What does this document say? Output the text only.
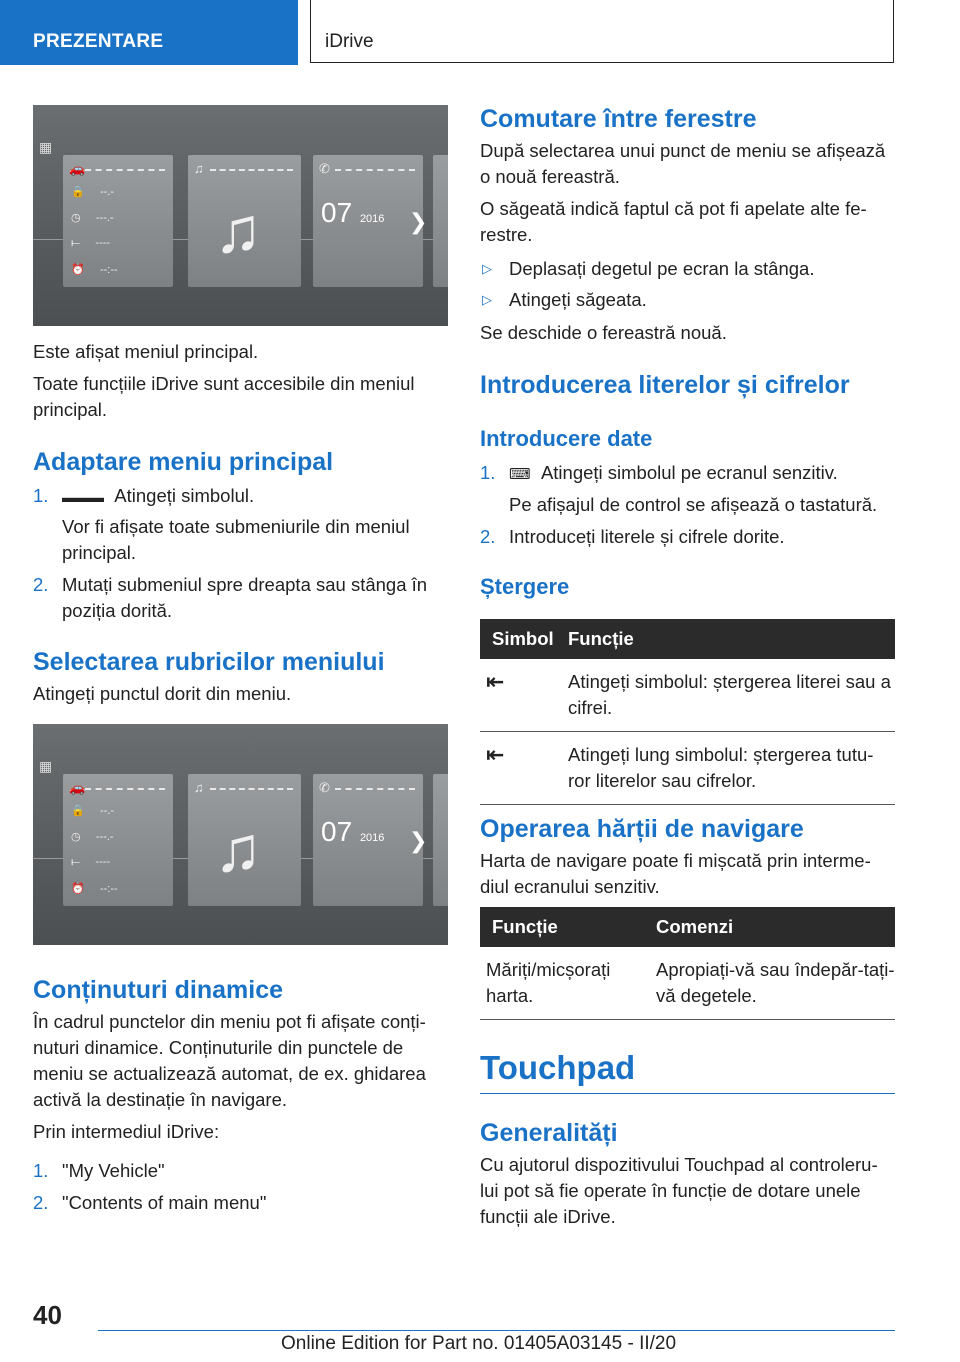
PREZENTARE	iDrive
▦
🚗
🔒     --.-
◷     ---.-
⟝     ----
⏰     --:--
♫
♫
✆
07 2016 ❯

Este afișat meniul principal.

Toate funcțiile iDrive sunt accesibile din meniul principal.

Adaptare meniu principal
1. ▬▬▬ Atingeți simbolul.

Vor fi afișate toate submeniurile din meniul principal.
2. Mutați submeniul spre dreapta sau stânga în poziția dorită.
Selectarea rubricilor meniului

Atingeți punctul dorit din meniu.

▦
🚗
🔒     --.-
◷     ---.-
⟝     ----
⏰     --:--
♫
♫
✆
07 2016 ❯
Conținuturi dinamice

În cadrul punctelor din meniu pot fi afișate conți-nuturi dinamice. Conținuturile din punctele de meniu se actualizează automat, de ex. ghidarea activă la destinație în navigare.

Prin intermediul iDrive:

1. "My Vehicle"
2. "Contents of main menu"
Comutare între ferestre

După selectarea unui punct de meniu se afișează o nouă fereastră.

O săgeată indică faptul că pot fi apelate alte fe-restre.

▷ Deplasați degetul pe ecran la stânga.
▷ Atingeți săgeata.

Se deschide o fereastră nouă.

Introducerea literelor și cifrelor
Introducere date
1. ⌨ Atingeți simbolul pe ecranul senzitiv.

Pe afișajul de control se afișează o tastatură.
2. Introduceți literele și cifrele dorite.
Ștergere
Simbol	Funcție
⇤	Atingeți simbolul: ștergerea literei sau a cifrei.
⇤	Atingeți lung simbolul: ștergerea tutu-ror literelor sau cifrelor.
Operarea hărții de navigare

Harta de navigare poate fi mișcată prin interme-diul ecranului senzitiv.

Funcție	Comenzi
Măriți/micșorați harta.	Apropiați-vă sau îndepăr-tați-vă degetele.
Touchpad
Generalități

Cu ajutorul dispozitivului Touchpad al controleru-lui pot să fie operate în funcție de dotare unele funcții ale iDrive.

40
Online Edition for Part no. 01405A03145 - II/20
